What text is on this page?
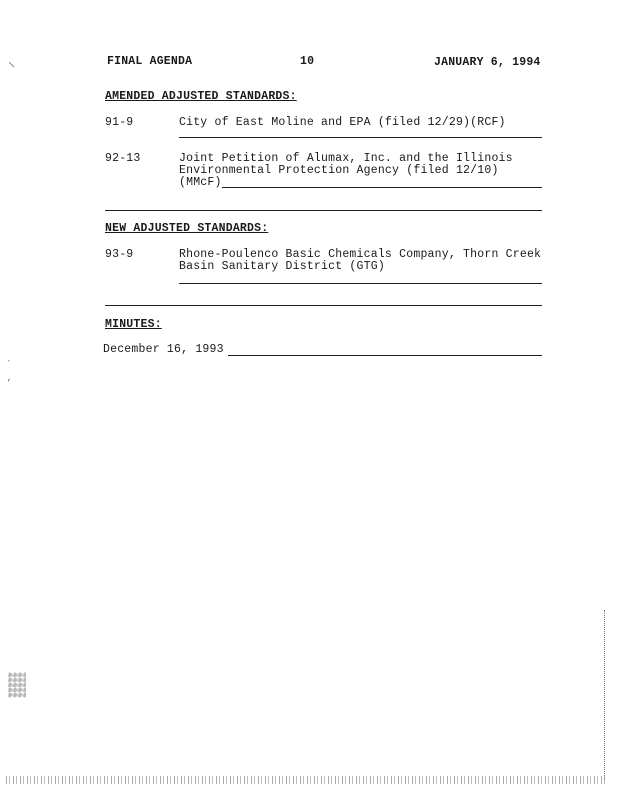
FINAL AGENDA	10	JANUARY 6, 1994
AMENDED ADJUSTED STANDARDS:
91-9	City of East Moline and EPA (filed 12/29)(RCF)
92-13	Joint Petition of Alumax, Inc. and the Illinois
Environmental Protection Agency (filed 12/10)
(MMcF)
NEW ADJUSTED STANDARDS:
93-9	Rhone-Poulenco Basic Chemicals Company, Thorn Creek
Basin Sanitary District (GTG)
MINUTES:
December 16, 1993
⸌
´
‘
